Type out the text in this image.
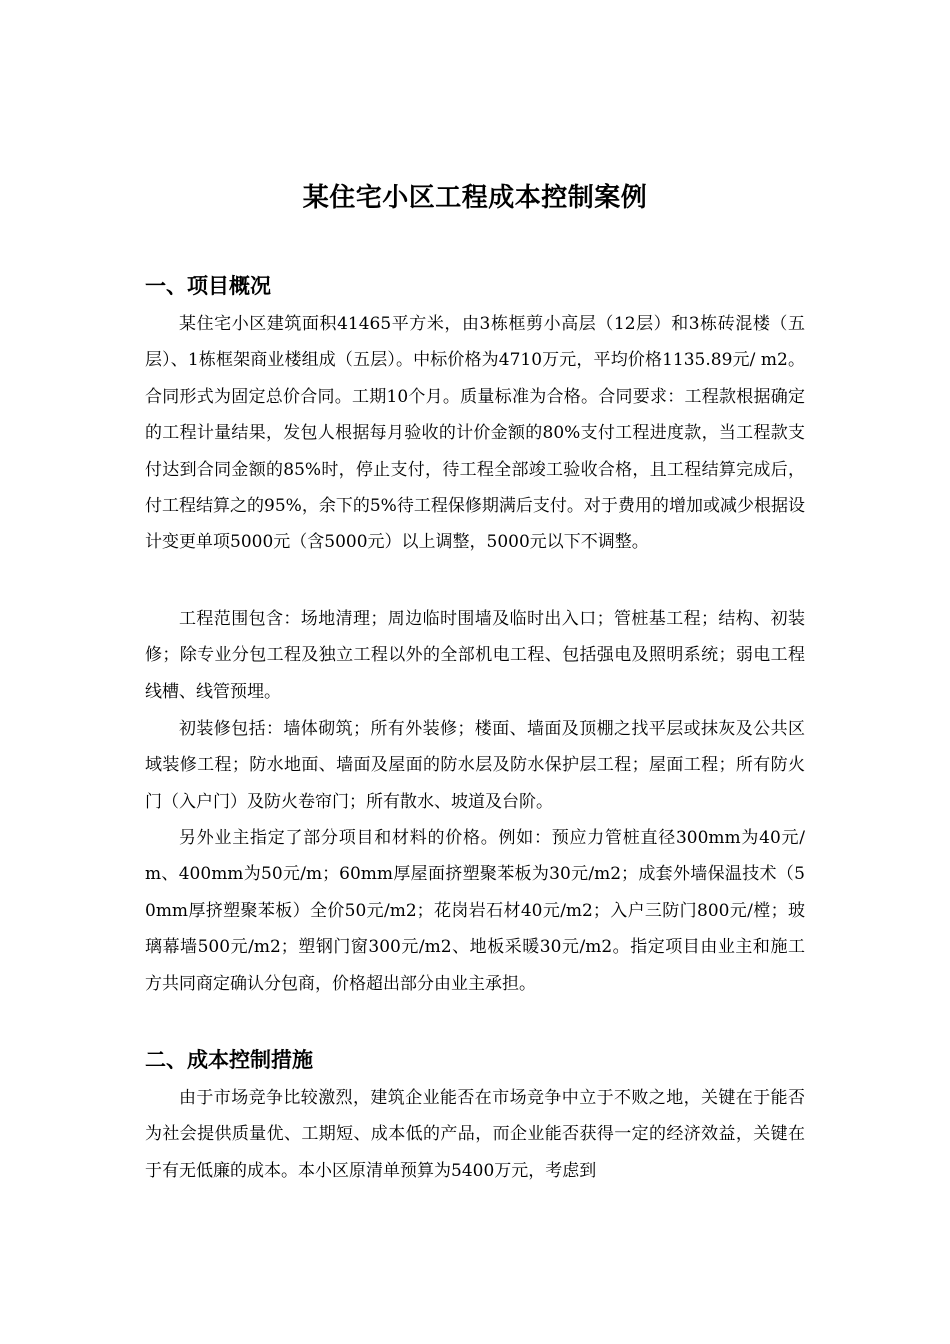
某住宅小区工程成本控制案例
一、项目概况

某住宅小区建筑面积41465平方米，由3栋框剪小高层（12层）和3栋砖混楼（五层）、1栋框架商业楼组成（五层）。中标价格为4710万元，平均价格1135.89元/ m2。合同形式为固定总价合同。工期10个月。质量标准为合格。合同要求：工程款根据确定的工程计量结果，发包人根据每月验收的计价金额的80%支付工程进度款，当工程款支付达到合同金额的85%时，停止支付，待工程全部竣工验收合格，且工程结算完成后，付工程结算之的95%，余下的5%待工程保修期满后支付。对于费用的增加或减少根据设计变更单项5000元（含5000元）以上调整，5000元以下不调整。

工程范围包含：场地清理；周边临时围墙及临时出入口；管桩基工程；结构、初装修；除专业分包工程及独立工程以外的全部机电工程、包括强电及照明系统；弱电工程线槽、线管预埋。

初装修包括：墙体砌筑；所有外装修；楼面、墙面及顶棚之找平层或抹灰及公共区域装修工程；防水地面、墙面及屋面的防水层及防水保护层工程；屋面工程；所有防火门（入户门）及防火卷帘门；所有散水、坡道及台阶。

另外业主指定了部分项目和材料的价格。例如：预应力管桩直径300mm为40元/m、400mm为50元/m；60mm厚屋面挤塑聚苯板为30元/m2；成套外墙保温技术（50mm厚挤塑聚苯板）全价50元/m2；花岗岩石材40元/m2；入户三防门800元/樘；玻璃幕墙500元/m2；塑钢门窗300元/m2、地板采暖30元/m2。指定项目由业主和施工方共同商定确认分包商，价格超出部分由业主承担。

二、成本控制措施

由于市场竞争比较激烈，建筑企业能否在市场竞争中立于不败之地，关键在于能否为社会提供质量优、工期短、成本低的产品，而企业能否获得一定的经济效益，关键在于有无低廉的成本。本小区原清单预算为5400万元，考虑到
